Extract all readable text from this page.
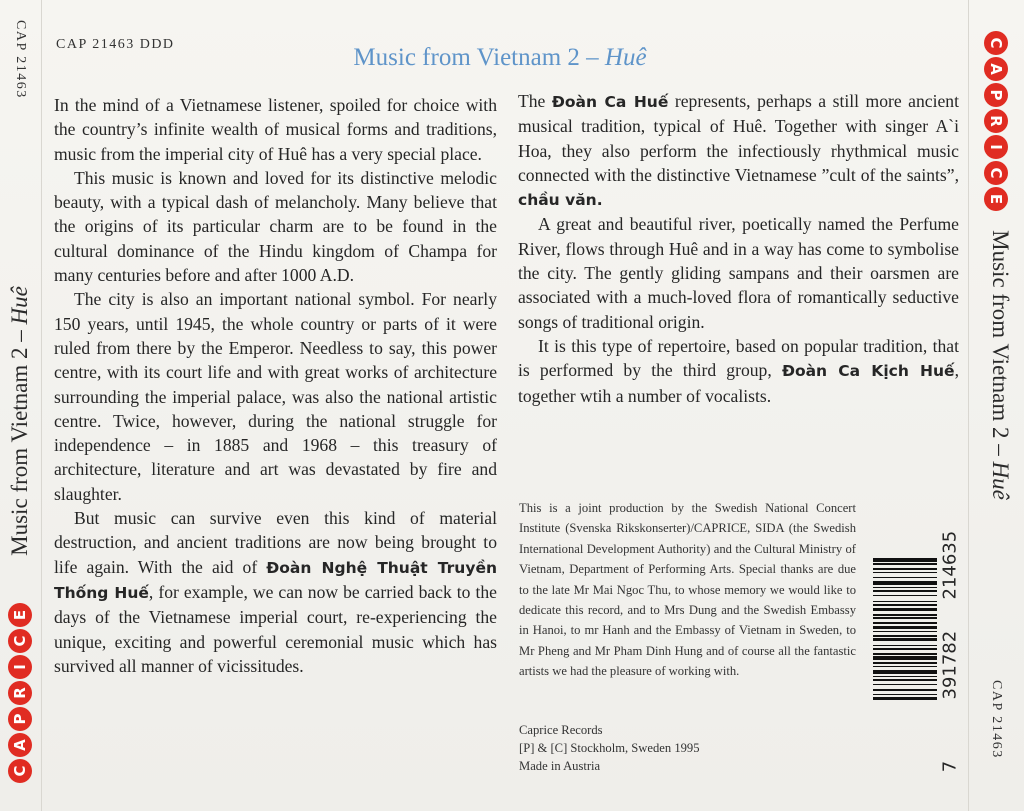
CAP 21463
Music from Vietnam 2 – Huê
E
C
I
R
P
A
C
C
A
P
R
I
C
E
Music from Vietnam 2 – Huê
CAP 21463
CAP 21463 DDD	Music from Vietnam 2 – Huê

In the mind of a Vietnamese listener, spoiled for choice with the country’s infinite wealth of musical forms and traditions, music from the imperial city of Huê has a very special place.

This music is known and loved for its distinctive melodic beauty, with a typical dash of melancholy. Many believe that the origins of its particular charm are to be found in the cultural dominance of the Hindu kingdom of Champa for many centuries before and after 1000 A.D.

The city is also an important national symbol. For nearly 150 years, until 1945, the whole country or parts of it were ruled from there by the Emperor. Needless to say, this power centre, with its court life and with great works of architecture surrounding the imperial palace, was also the national artistic centre. Twice, however, during the national struggle for independence – in 1885 and 1968 – this treasury of architecture, literature and art was devastated by fire and slaughter.

But music can survive even this kind of material destruction, and ancient traditions are now being brought to life again. With the aid of Đoàn Nghệ Thuật Truyền Thống Huế, for example, we can now be carried back to the days of the Vietnamese imperial court, re-experiencing the unique, exciting and powerful ceremonial music which has survived all manner of vicissitudes.

The Đoàn Ca Huế represents, perhaps a still more ancient musical tradition, typical of Huê. Together with singer A`i Hoa, they also perform the infectiously rhythmical music connected with the distinctive Vietnamese ”cult of the saints”, chầu văn.

A great and beautiful river, poetically named the Perfume River, flows through Huê and in a way has come to symbolise the city. The gently gliding sampans and their oarsmen are associated with a much-loved flora of romantically seductive songs of traditional origin.

It is this type of repertoire, based on popular tradition, that is performed by the third group, Đoàn Ca Kịch Huế, together wtih a number of vocalists.

This is a joint production by the Swedish National Concert Institute (Svenska Rikskonserter)/CAPRICE, SIDA (the Swedish International Development Authority) and the Cultural Ministry of Vietnam, Department of Performing Arts. Special thanks are due to the late Mr Mai Ngoc Thu, to whose memory we would like to dedicate this record, and to Mrs Dung and the Swedish Embassy in Hanoi, to mr Hanh and the Embassy of Vietnam in Sweden, to Mr Pheng and Mr Pham Dinh Hung and of course all the fantastic artists we had the pleasure of working with.

Caprice Records
[P] & [C] Stockholm, Sweden 1995
Made in Austria	7
391782
214635
